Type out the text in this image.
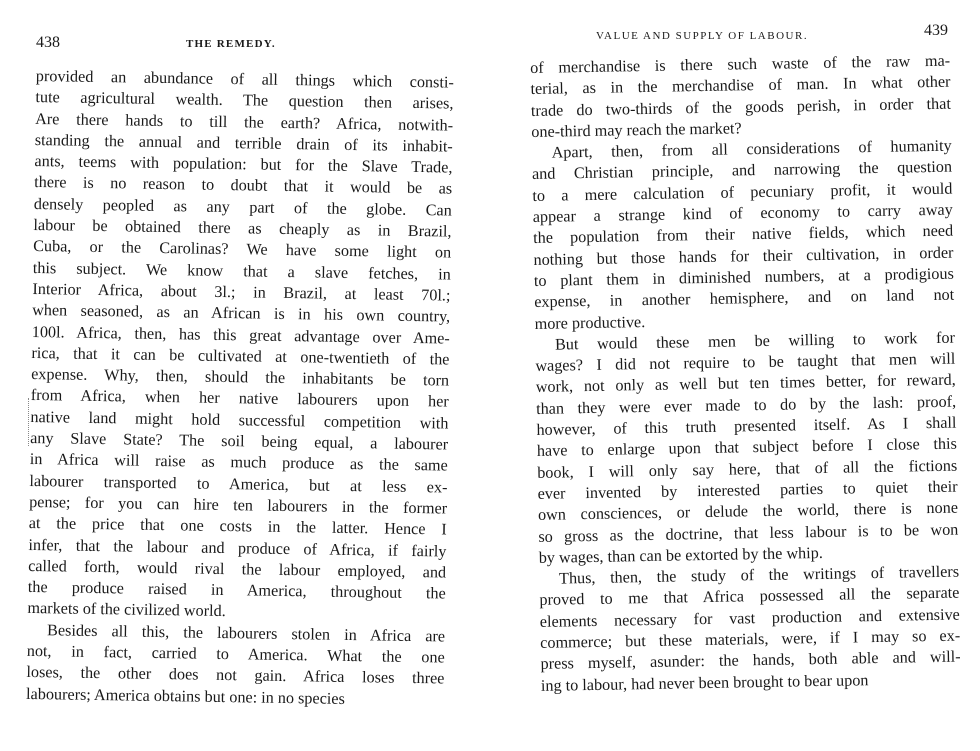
438	THE REMEDY.
provided an abundance of all things which consti-
tute agricultural wealth. The question then arises,
Are there hands to till the earth? Africa, notwith-
standing the annual and terrible drain of its inhabit-
ants, teems with population: but for the Slave Trade,
there is no reason to doubt that it would be as
densely peopled as any part of the globe. Can
labour be obtained there as cheaply as in Brazil,
Cuba, or the Carolinas? We have some light on
this subject. We know that a slave fetches, in
Interior Africa, about 3l.; in Brazil, at least 70l.;
when seasoned, as an African is in his own country,
100l. Africa, then, has this great advantage over Ame-
rica, that it can be cultivated at one-twentieth of the
expense. Why, then, should the inhabitants be torn
from Africa, when her native labourers upon her
native land might hold successful competition with
any Slave State? The soil being equal, a labourer
in Africa will raise as much produce as the same
labourer transported to America, but at less ex-
pense; for you can hire ten labourers in the former
at the price that one costs in the latter. Hence I
infer, that the labour and produce of Africa, if fairly
called forth, would rival the labour employed, and
the produce raised in America, throughout the
markets of the civilized world.
Besides all this, the labourers stolen in Africa are
not, in fact, carried to America. What the one
loses, the other does not gain. Africa loses three
labourers; America obtains but one: in no species
VALUE AND SUPPLY OF LABOUR.	439
of merchandise is there such waste of the raw ma-
terial, as in the merchandise of man. In what other
trade do two-thirds of the goods perish, in order that
one-third may reach the market?
Apart, then, from all considerations of humanity
and Christian principle, and narrowing the question
to a mere calculation of pecuniary profit, it would
appear a strange kind of economy to carry away
the population from their native fields, which need
nothing but those hands for their cultivation, in order
to plant them in diminished numbers, at a prodigious
expense, in another hemisphere, and on land not
more productive.
But would these men be willing to work for
wages? I did not require to be taught that men will
work, not only as well but ten times better, for reward,
than they were ever made to do by the lash: proof,
however, of this truth presented itself. As I shall
have to enlarge upon that subject before I close this
book, I will only say here, that of all the fictions
ever invented by interested parties to quiet their
own consciences, or delude the world, there is none
so gross as the doctrine, that less labour is to be won
by wages, than can be extorted by the whip.
Thus, then, the study of the writings of travellers
proved to me that Africa possessed all the separate
elements necessary for vast production and extensive
commerce; but these materials, were, if I may so ex-
press myself, asunder: the hands, both able and will-
ing to labour, had never been brought to bear upon
